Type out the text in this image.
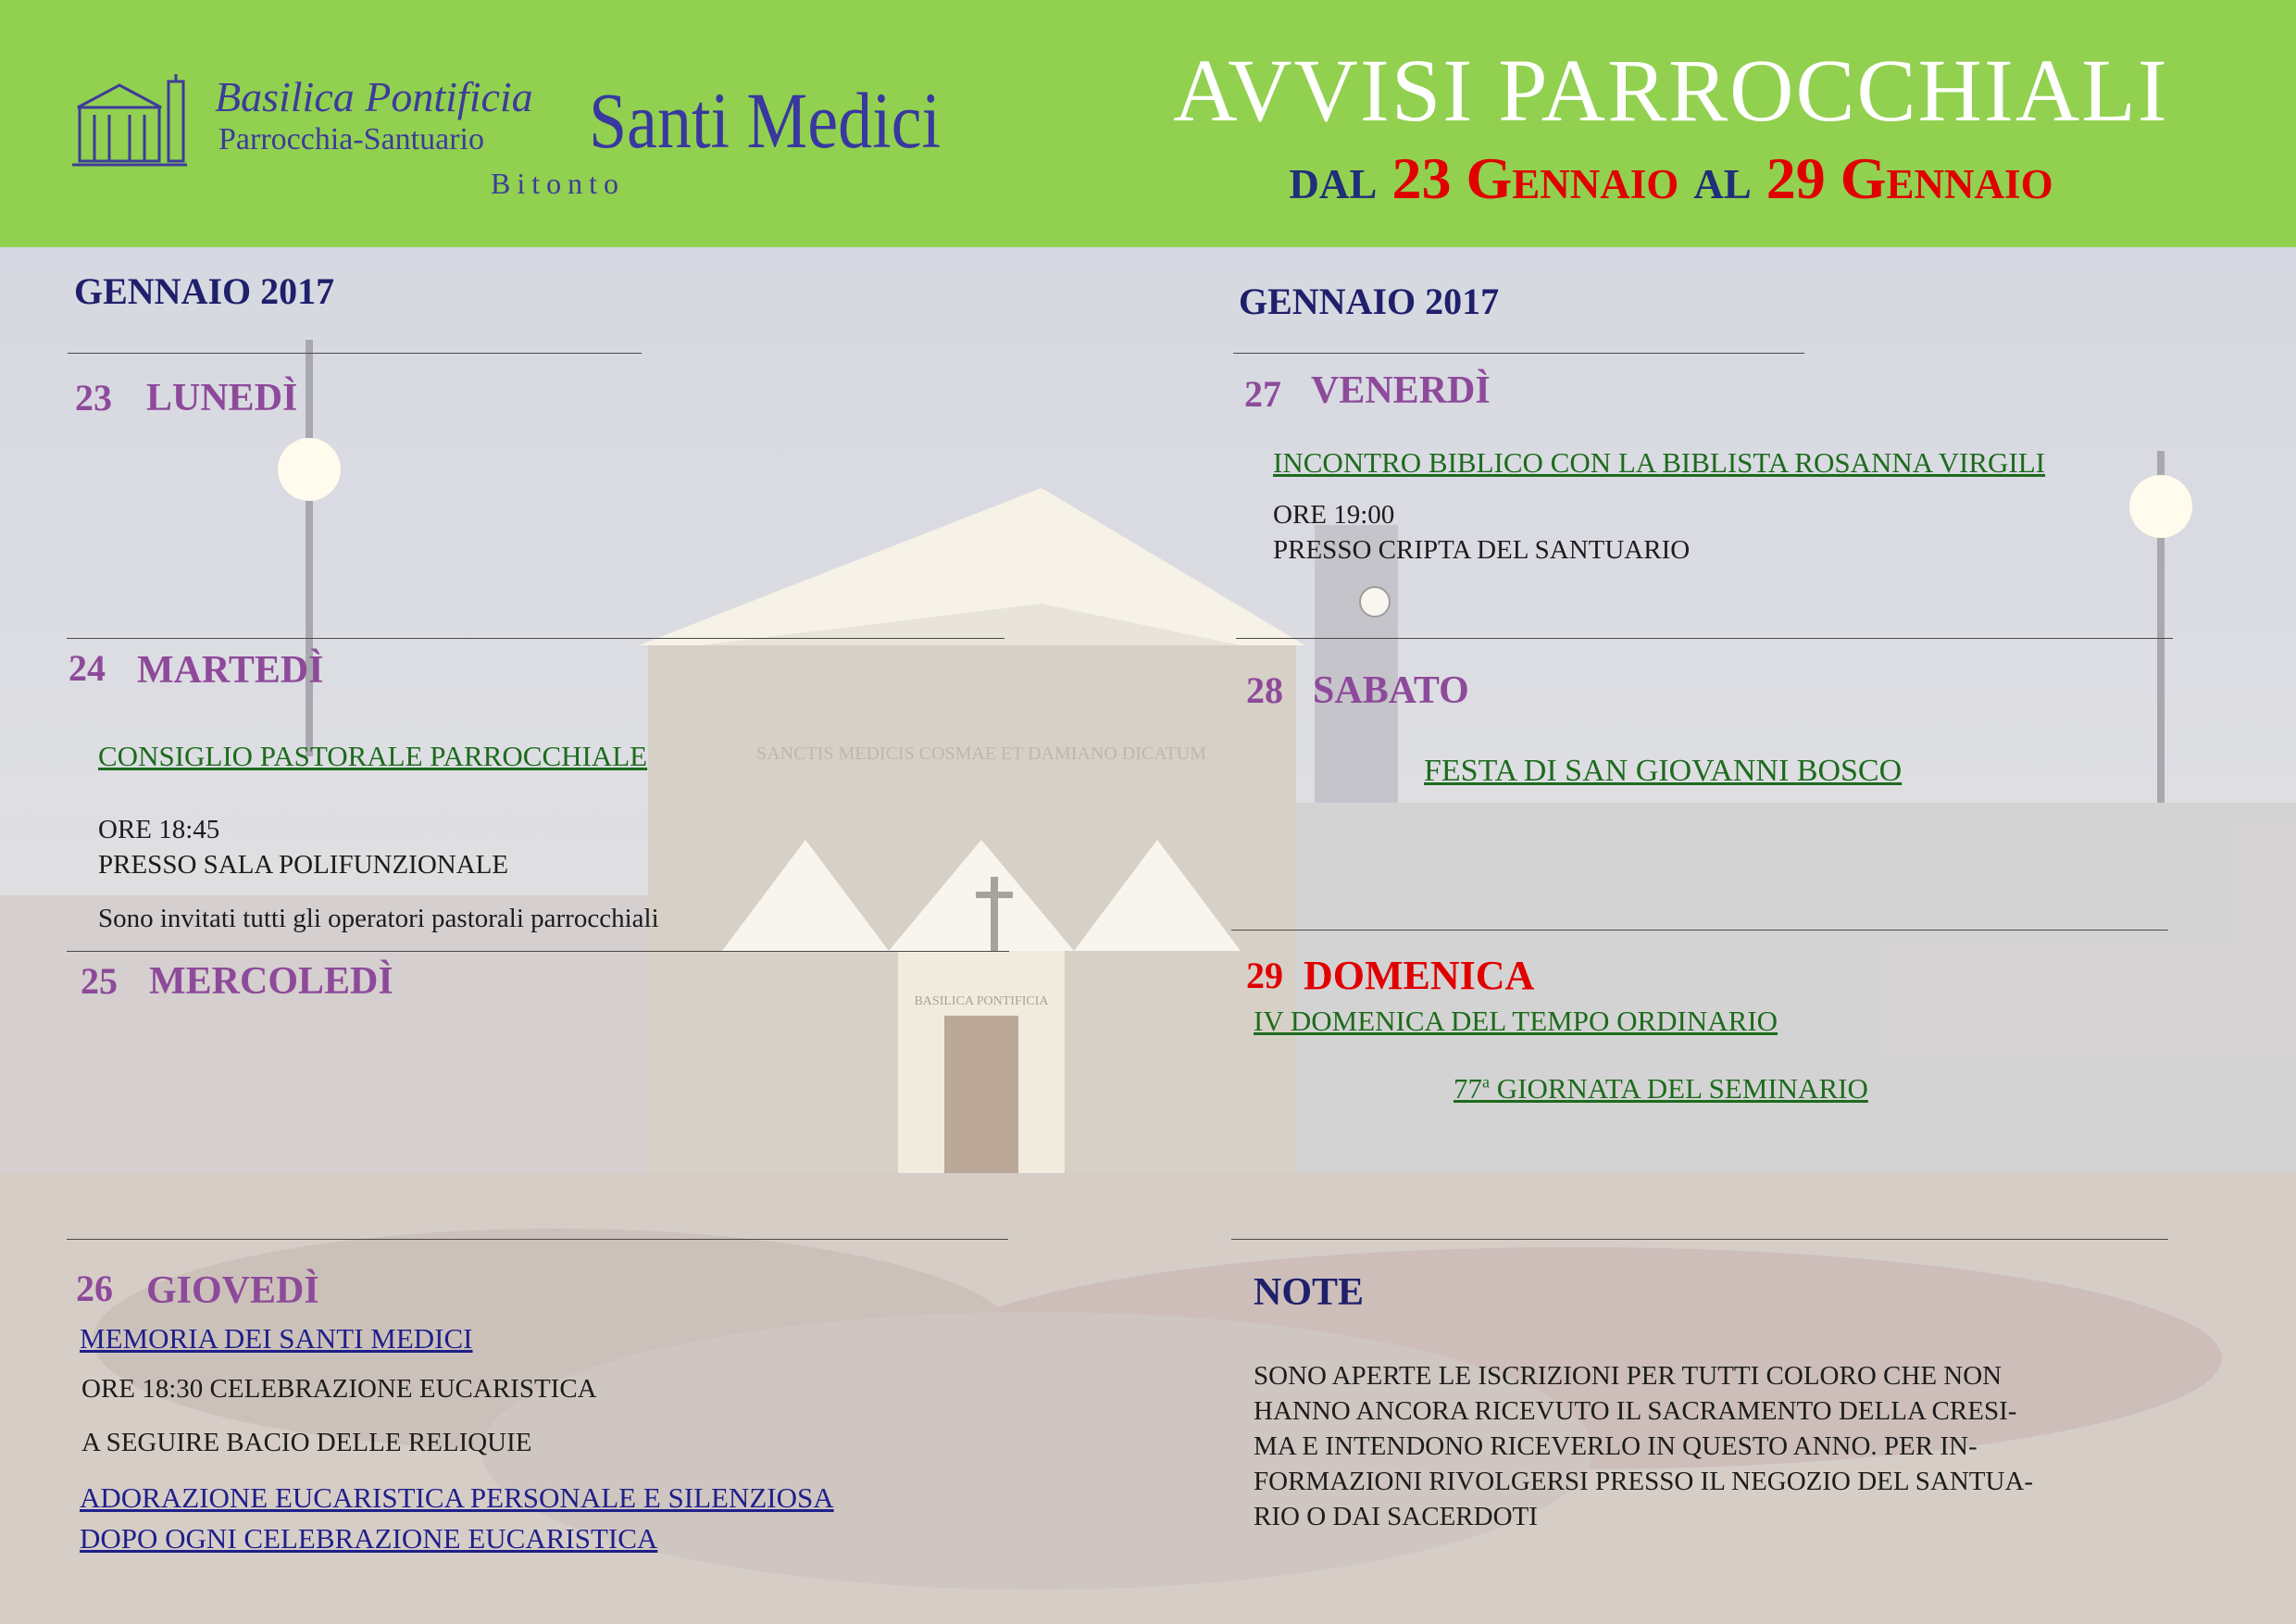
SANCTIS MEDICIS COSMAE ET DAMIANO DICATUM
BASILICA PONTIFICIA
Basilica Pontificia
Parrocchia-Santuario
Bitonto
Santi Medici	AVVISI PARROCCHIALI
dal 23 Gennaio al 29 Gennaio
GENNAIO 2017
23 LUNEDÌ
24 MARTEDÌ
CONSIGLIO PASTORALE PARROCCHIALE
ORE 18:45
PRESSO SALA POLIFUNZIONALE
Sono invitati tutti gli operatori pastorali parrocchiali
25 MERCOLEDÌ
26 GIOVEDÌ
MEMORIA DEI SANTI MEDICI
ORE 18:30 CELEBRAZIONE EUCARISTICA
A SEGUIRE BACIO DELLE RELIQUIE
ADORAZIONE EUCARISTICA PERSONALE E SILENZIOSA
DOPO OGNI CELEBRAZIONE EUCARISTICA
GENNAIO 2017
27 VENERDÌ
INCONTRO BIBLICO CON LA BIBLISTA ROSANNA VIRGILI
ORE 19:00
PRESSO CRIPTA DEL SANTUARIO
28 SABATO
FESTA DI SAN GIOVANNI BOSCO
29 DOMENICA
IV DOMENICA DEL TEMPO ORDINARIO
77$^a$ GIORNATA DEL SEMINARIO
NOTE
SONO APERTE LE ISCRIZIONI PER TUTTI COLORO CHE NON
HANNO ANCORA RICEVUTO IL SACRAMENTO DELLA CRESI-
MA E INTENDONO RICEVERLO IN QUESTO ANNO. PER IN-
FORMAZIONI RIVOLGERSI PRESSO IL NEGOZIO DEL SANTUA-
RIO O DAI SACERDOTI
